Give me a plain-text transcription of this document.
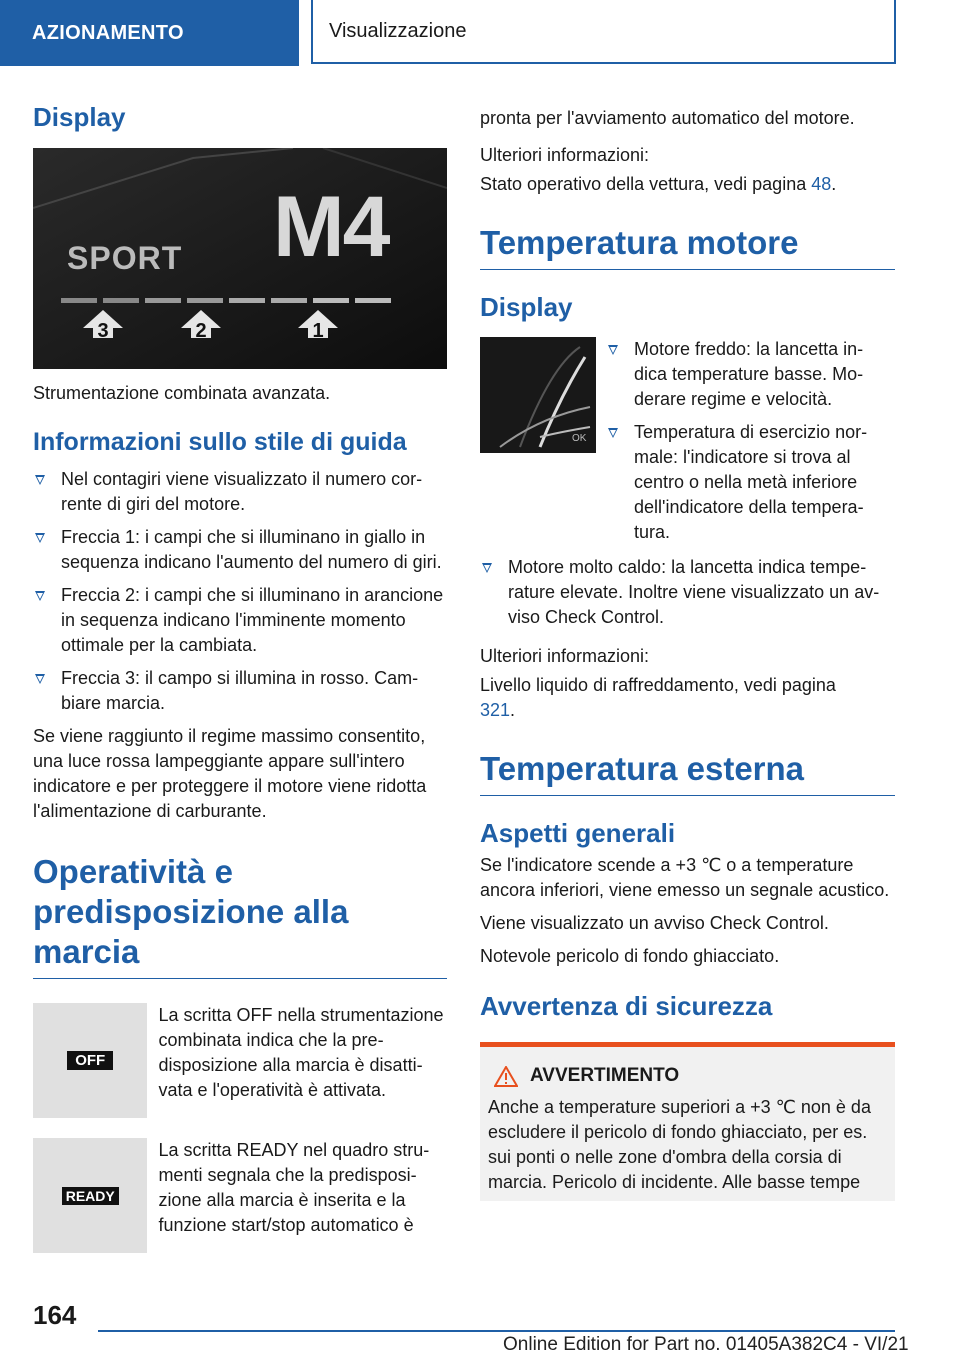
AZIONAMENTO	Visualizzazione
Display
SPORT M4
3	2	1

Strumentazione combinata avanzata.

Informazioni sullo stile di guida
Nel contagiri viene visualizzato il numero corrente di giri del motore.
Freccia 1: i campi che si illuminano in giallo in sequenza indicano l'aumento del numero di giri.
Freccia 2: i campi che si illuminano in arancione in sequenza indicano l'imminente momento ottimale per la cambiata.
Freccia 3: il campo si illumina in rosso. Cambiare marcia.

Se viene raggiunto il regime massimo consentito, una luce rossa lampeggiante appare sull'intero indicatore e per proteggere il motore viene ridotta l'alimentazione di carburante.

Operatività e
predisposizione alla marcia
OFF

La scritta OFF nella strumentazione combinata indica che la predisposizione alla marcia è disattivata e l'operatività è attivata.

READY

La scritta READY nel quadro strumenti segnala che la predisposizione alla marcia è inserita e la funzione start/stop automatico è

pronta per l'avviamento automatico del motore.

Ulteriori informazioni:

Stato operativo della vettura, vedi pagina 48.

Temperatura motore
Display
OK
Motore freddo: la lancetta indica temperature basse. Moderare regime e velocità.
Temperatura di esercizio normale: l'indicatore si trova al centro o nella metà inferiore dell'indicatore della temperatura.
Motore molto caldo: la lancetta indica temperature elevate. Inoltre viene visualizzato un avviso Check Control.

Ulteriori informazioni:

Livello liquido di raffreddamento, vedi pagina 321.

Temperatura esterna
Aspetti generali

Se l'indicatore scende a +3 ℃ o a temperature ancora inferiori, viene emesso un segnale acustico.

Viene visualizzato un avviso Check Control.

Notevole pericolo di fondo ghiacciato.

Avvertenza di sicurezza
AVVERTIMENTO

Anche a temperature superiori a +3 ℃ non è da escludere il pericolo di fondo ghiacciato, per es. sui ponti o nelle zone d'ombra della corsia di marcia. Pericolo di incidente. Alle basse tempe

164
Online Edition for Part no. 01405A382C4 - VI/21
